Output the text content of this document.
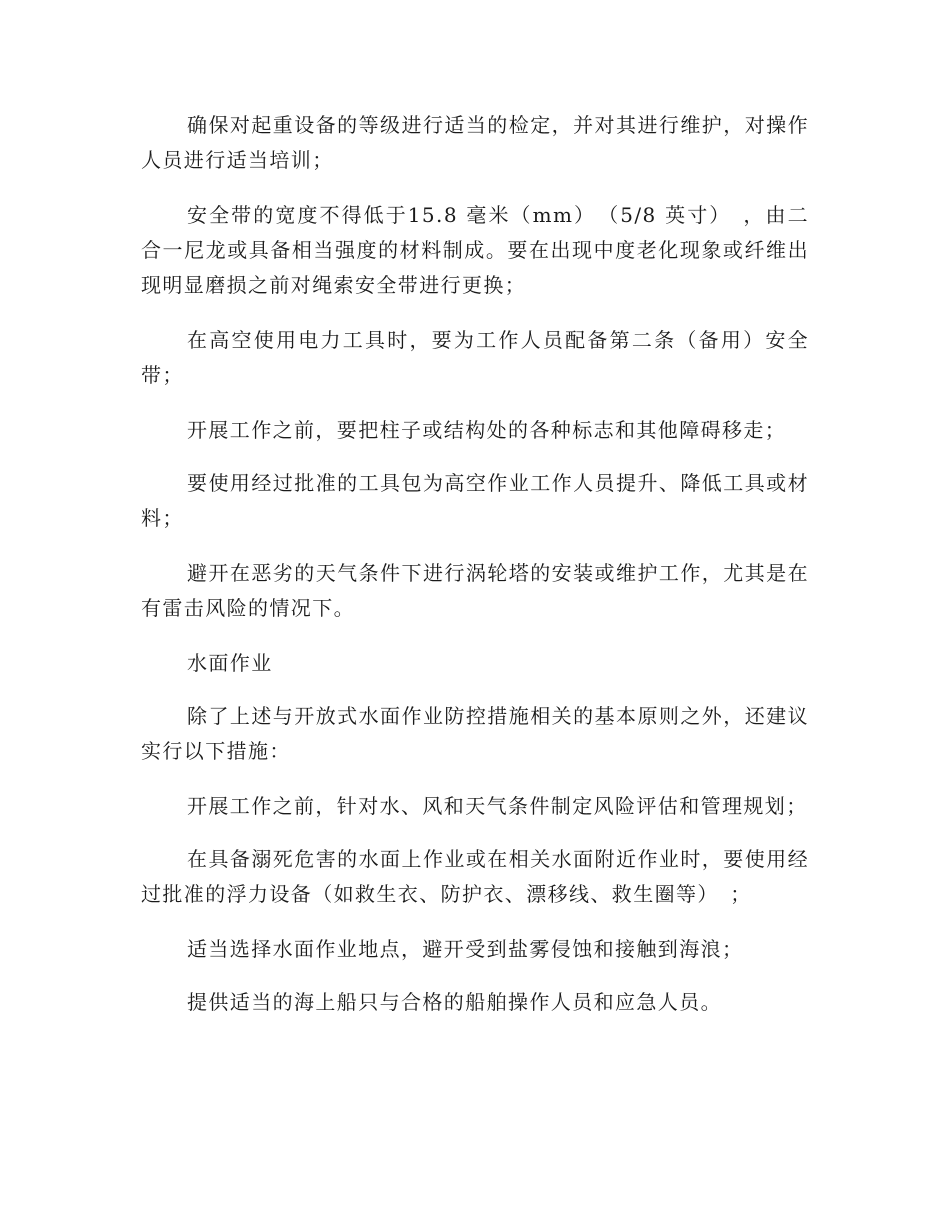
确保对起重设备的等级进行适当的检定，并对其进行维护，对操作人员进行适当培训；

安全带的宽度不得低于15.8 毫米（mm）　（5/8 英寸）　，由二合一尼龙或具备相当强度的材料制成。要在出现中度老化现象或纤维出现明显磨损之前对绳索安全带进行更换；

在高空使用电力工具时，要为工作人员配备第二条（备用）安全带；

开展工作之前，要把柱子或结构处的各种标志和其他障碍移走；

要使用经过批准的工具包为高空作业工作人员提升、降低工具或材料；

避开在恶劣的天气条件下进行涡轮塔的安装或维护工作，尤其是在有雷击风险的情况下。

水面作业

除了上述与开放式水面作业防控措施相关的基本原则之外，还建议实行以下措施：

开展工作之前，针对水、风和天气条件制定风险评估和管理规划；

在具备溺死危害的水面上作业或在相关水面附近作业时，要使用经过批准的浮力设备（如救生衣、防护衣、漂移线、救生圈等）　；

适当选择水面作业地点，避开受到盐雾侵蚀和接触到海浪；

提供适当的海上船只与合格的船舶操作人员和应急人员。
